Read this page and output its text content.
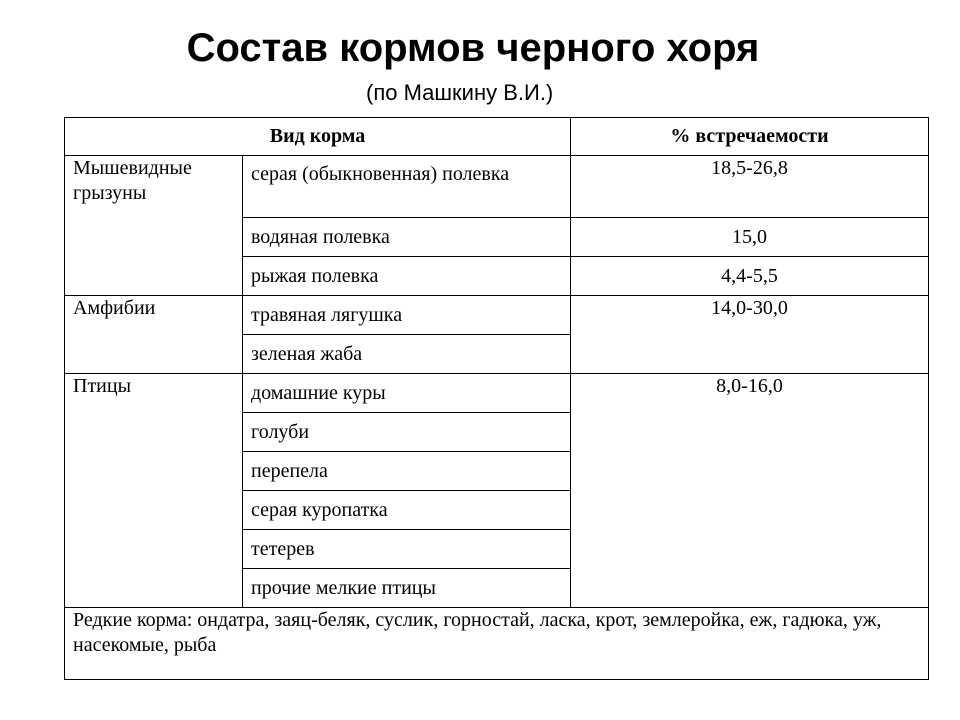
Состав кормов черного хоря

(по Машкину В.И.)

Вид корма		% встречаемости
Мышевидные грызуны	серая (обыкновенная) полевка	18,5-26,8
	водяная полевка	15,0
	рыжая полевка	4,4-5,5
Амфибии	травяная лягушка	14,0-30,0
	зеленая жаба	
Птицы	домашние куры	8,0-16,0
	голуби	
	перепела	
	серая куропатка	
	тетерев	
	прочие мелкие птицы	
Редкие корма: ондатра, заяц-беляк, суслик, горностай, ласка, крот, землеройка, еж, гадюка, уж, насекомые, рыба		
